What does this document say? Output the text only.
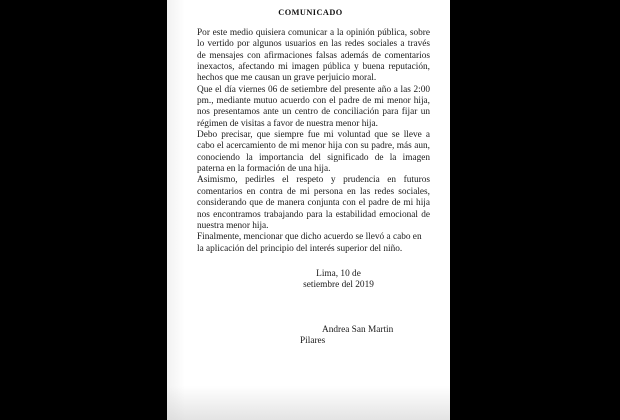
COMUNICADO

Por este medio quisiera comunicar a la opinión pública, sobre lo vertido por algunos usuarios en las redes sociales a través de mensajes con afirmaciones falsas además de comentarios inexactos, afectando mi imagen pública y buena reputación, hechos que me causan un grave perjuicio moral.

Que el día viernes 06 de setiembre del presente año a las 2:00 pm., mediante mutuo acuerdo con el padre de mi menor hija, nos presentamos ante un centro de conciliación para fijar un régimen de visitas a favor de nuestra menor hija.

Debo precisar, que siempre fue mi voluntad que se lleve a cabo el acercamiento de mi menor hija con su padre, más aun, conociendo la importancia del significado de la imagen paterna en la formación de una hija.

Asimismo, pedirles el respeto y prudencia en futuros comentarios en contra de mi persona en las redes sociales, considerando que de manera conjunta con el padre de mi hija nos encontramos trabajando para la estabilidad emocional de nuestra menor hija.

Finalmente, mencionar que dicho acuerdo se llevó a cabo en la aplicación del principio del interés superior del niño.

Lima, 10 de
setiembre del 2019
Andrea San Martin
Pilares
